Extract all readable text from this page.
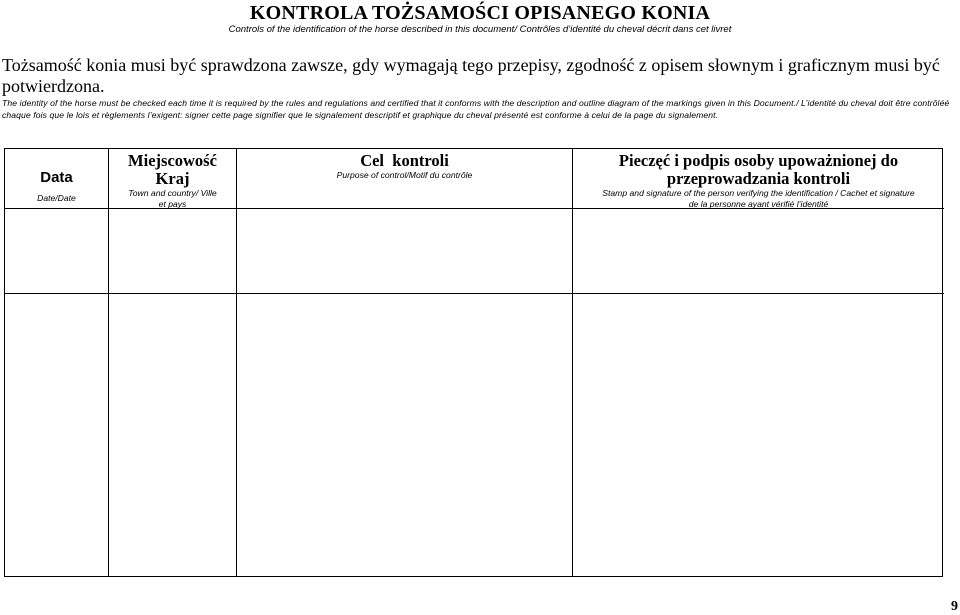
KONTROLA TOŻSAMOŚCI OPISANEGO KONIA
Controls of the identification of the horse described in this document/ Contrôles d’identité du cheval décrit dans cet livret
Tożsamość konia musi być sprawdzona zawsze, gdy wymagają tego przepisy, zgodność z opisem słownym i graficznym musi być potwierdzona.
The identity of the horse must be checked each time it is required by the rules and regulations and certified that it conforms with the description and outline diagram of the markings given in this Document./ L’identité du cheval doit être contrôléé chaque fois que le lois et règlements l’exigent: signer cette page signifier que le signalement descriptif et graphique du cheval présenté est conforme à celui de la page du signalement.
Data
Date/Date
Miejscowość Kraj
Town and country/ Ville et pays
Cel  kontroli
Purpose of control/Motif du contrôle
Pieczęć i podpis osoby upoważnionej do przeprowadzania kontroli
Stamp and signature of the person verifying the identification / Cachet et signature de la personne ayant vérifié l’identité
9
